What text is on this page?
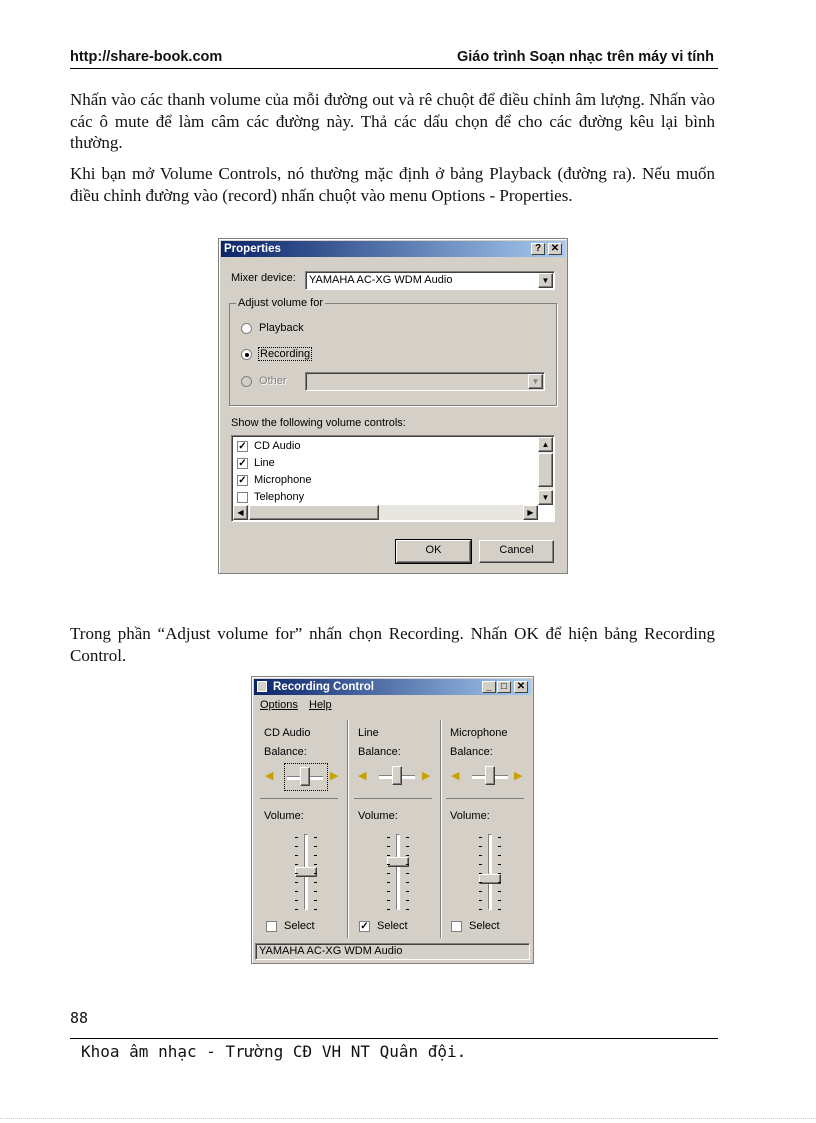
http://share-book.com	Giáo trình Soạn nhạc trên máy vi tính

Nhấn vào các thanh volume của mỗi đường out và rê chuột để điều chỉnh âm lượng. Nhấn vào các ô mute để làm câm các đường này. Thả các dấu chọn để cho các đường kêu lại bình thường.

Khi bạn mở Volume Controls, nó thường mặc định ở bảng Playback (đường ra). Nếu muốn điều chỉnh đường vào (record) nhấn chuột vào menu Options - Properties.

Properties	? ✕
Mixer device:	YAMAHA AC-XG WDM Audio	▼
Adjust volume for
Playback
Recording
Other	▼
Show the following volume controls:
✓ CD Audio
✓ Line
✓ Microphone
Telephony
▲
▼
◀	▶
OK	Cancel

Trong phần “Adjust volume for” nhấn chọn Recording. Nhấn OK để hiện bảng Recording Control.

Recording Control	_ □ ✕
Options Help
CD Audio
Balance:
◀	▶
Volume:
Select
Line
Balance:
◀	▶
Volume:
✓ Select
Microphone
Balance:
◀	▶
Volume:
Select
YAMAHA AC-XG WDM Audio
88
Khoa âm nhạc - Trường CĐ VH NT Quân đội.
